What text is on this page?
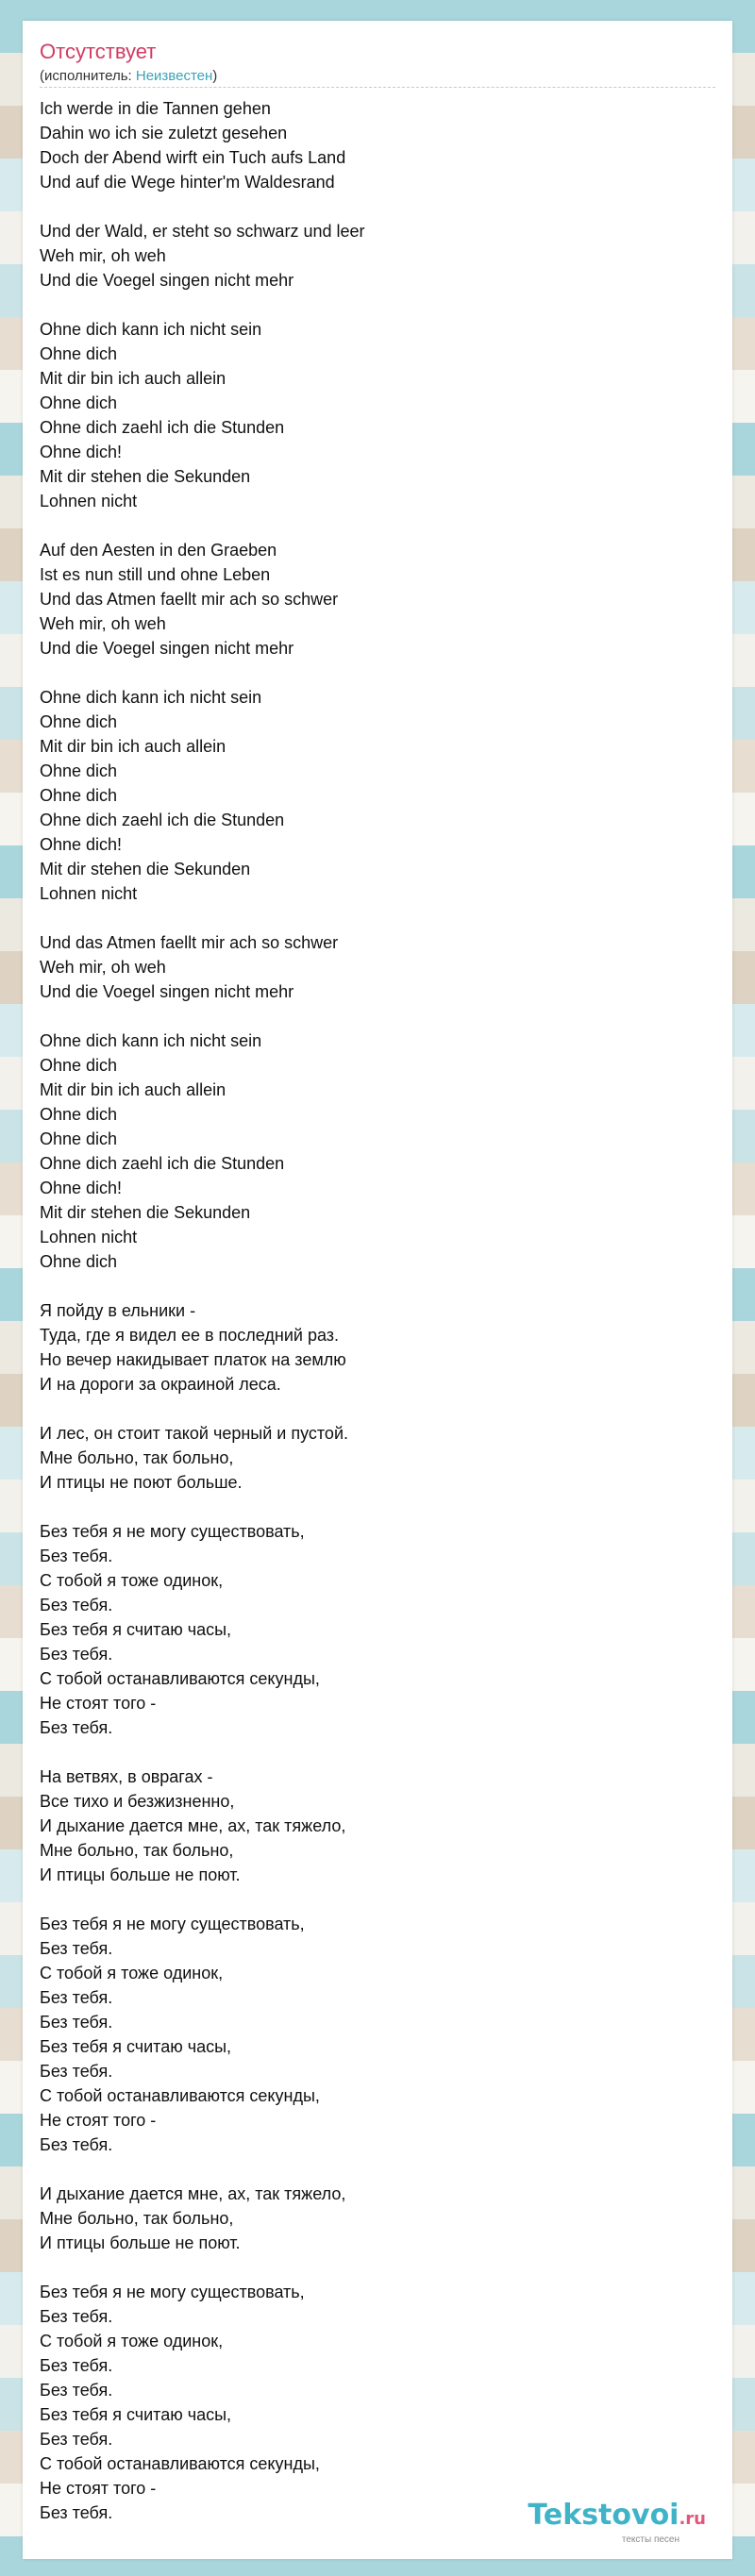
Отсутствует
(исполнитель: Неизвестен)
Ich werde in die Tannen gehen
Dahin wo ich sie zuletzt gesehen
Doch der Abend wirft ein Tuch aufs Land
Und auf die Wege hinter'm Waldesrand
Und der Wald, er steht so schwarz und leer
Weh mir, oh weh
Und die Voegel singen nicht mehr
Ohne dich kann ich nicht sein
Ohne dich
Mit dir bin ich auch allein
Ohne dich
Ohne dich zaehl ich die Stunden
Ohne dich!
Mit dir stehen die Sekunden
Lohnen nicht
Auf den Aesten in den Graeben
Ist es nun still und ohne Leben
Und das Atmen faellt mir ach so schwer
Weh mir, oh weh
Und die Voegel singen nicht mehr
Ohne dich kann ich nicht sein
Ohne dich
Mit dir bin ich auch allein
Ohne dich
Ohne dich
Ohne dich zaehl ich die Stunden
Ohne dich!
Mit dir stehen die Sekunden
Lohnen nicht
Und das Atmen faellt mir ach so schwer
Weh mir, oh weh
Und die Voegel singen nicht mehr
Ohne dich kann ich nicht sein
Ohne dich
Mit dir bin ich auch allein
Ohne dich
Ohne dich
Ohne dich zaehl ich die Stunden
Ohne dich!
Mit dir stehen die Sekunden
Lohnen nicht
Ohne dich
Я пойду в ельники -
Туда, где я видел ее в последний раз.
Но вечер накидывает платок на землю
И на дороги за окраиной леса.
И лес, он стоит такой черный и пустой.
Мне больно, так больно,
И птицы не поют больше.
Без тебя я не могу существовать,
Без тебя.
С тобой я тоже одинок,
Без тебя.
Без тебя я считаю часы,
Без тебя.
С тобой останавливаются секунды,
Не стоят того -
Без тебя.
На ветвях, в оврагах -
Все тихо и безжизненно,
И дыхание дается мне, ах, так тяжело,
Мне больно, так больно,
И птицы больше не поют.
Без тебя я не могу существовать,
Без тебя.
С тобой я тоже одинок,
Без тебя.
Без тебя.
Без тебя я считаю часы,
Без тебя.
С тобой останавливаются секунды,
Не стоят того -
Без тебя.
И дыхание дается мне, ах, так тяжело,
Мне больно, так больно,
И птицы больше не поют.
Без тебя я не могу существовать,
Без тебя.
С тобой я тоже одинок,
Без тебя.
Без тебя.
Без тебя я считаю часы,
Без тебя.
С тобой останавливаются секунды,
Не стоят того -
Без тебя.	Tekstovoi.ru
тексты песен
